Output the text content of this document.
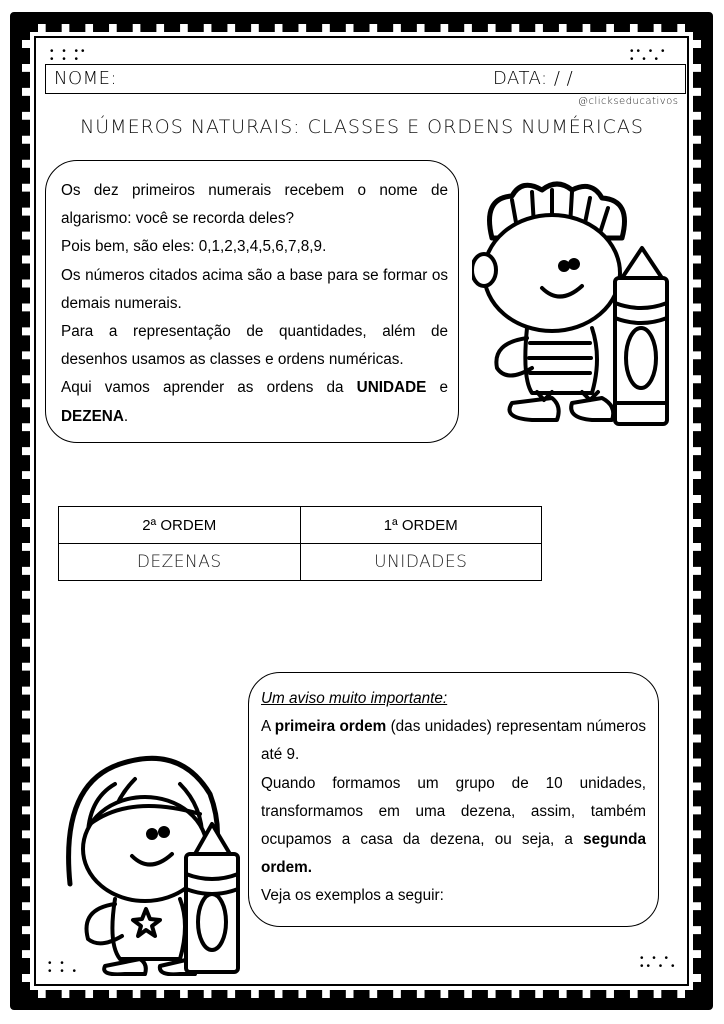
• • ••
• • •
•• • •
• • •
• • •
•• • •
• •
• • •
NOME:	DATA: / /
@clickseducativos
NÚMEROS NATURAIS: CLASSES E ORDENS NUMÉRICAS

Os dez primeiros numerais recebem o nome de algarismo: você se recorda deles?

Pois bem, são eles: 0,1,2,3,4,5,6,7,8,9.

Os números citados acima são a base para se formar os demais numerais.

Para a representação de quantidades, além de desenhos usamos as classes e ordens numéricas.

Aqui vamos aprender as ordens da UNIDADE e DEZENA.

2ª ORDEM	1ª ORDEM
DEZENAS	UNIDADES

Um aviso muito importante:

A primeira ordem (das unidades) representam números até 9.

Quando formamos um grupo de 10 unidades, transformamos em uma dezena, assim, também ocupamos a casa da dezena, ou seja, a segunda ordem.

Veja os exemplos a seguir:
